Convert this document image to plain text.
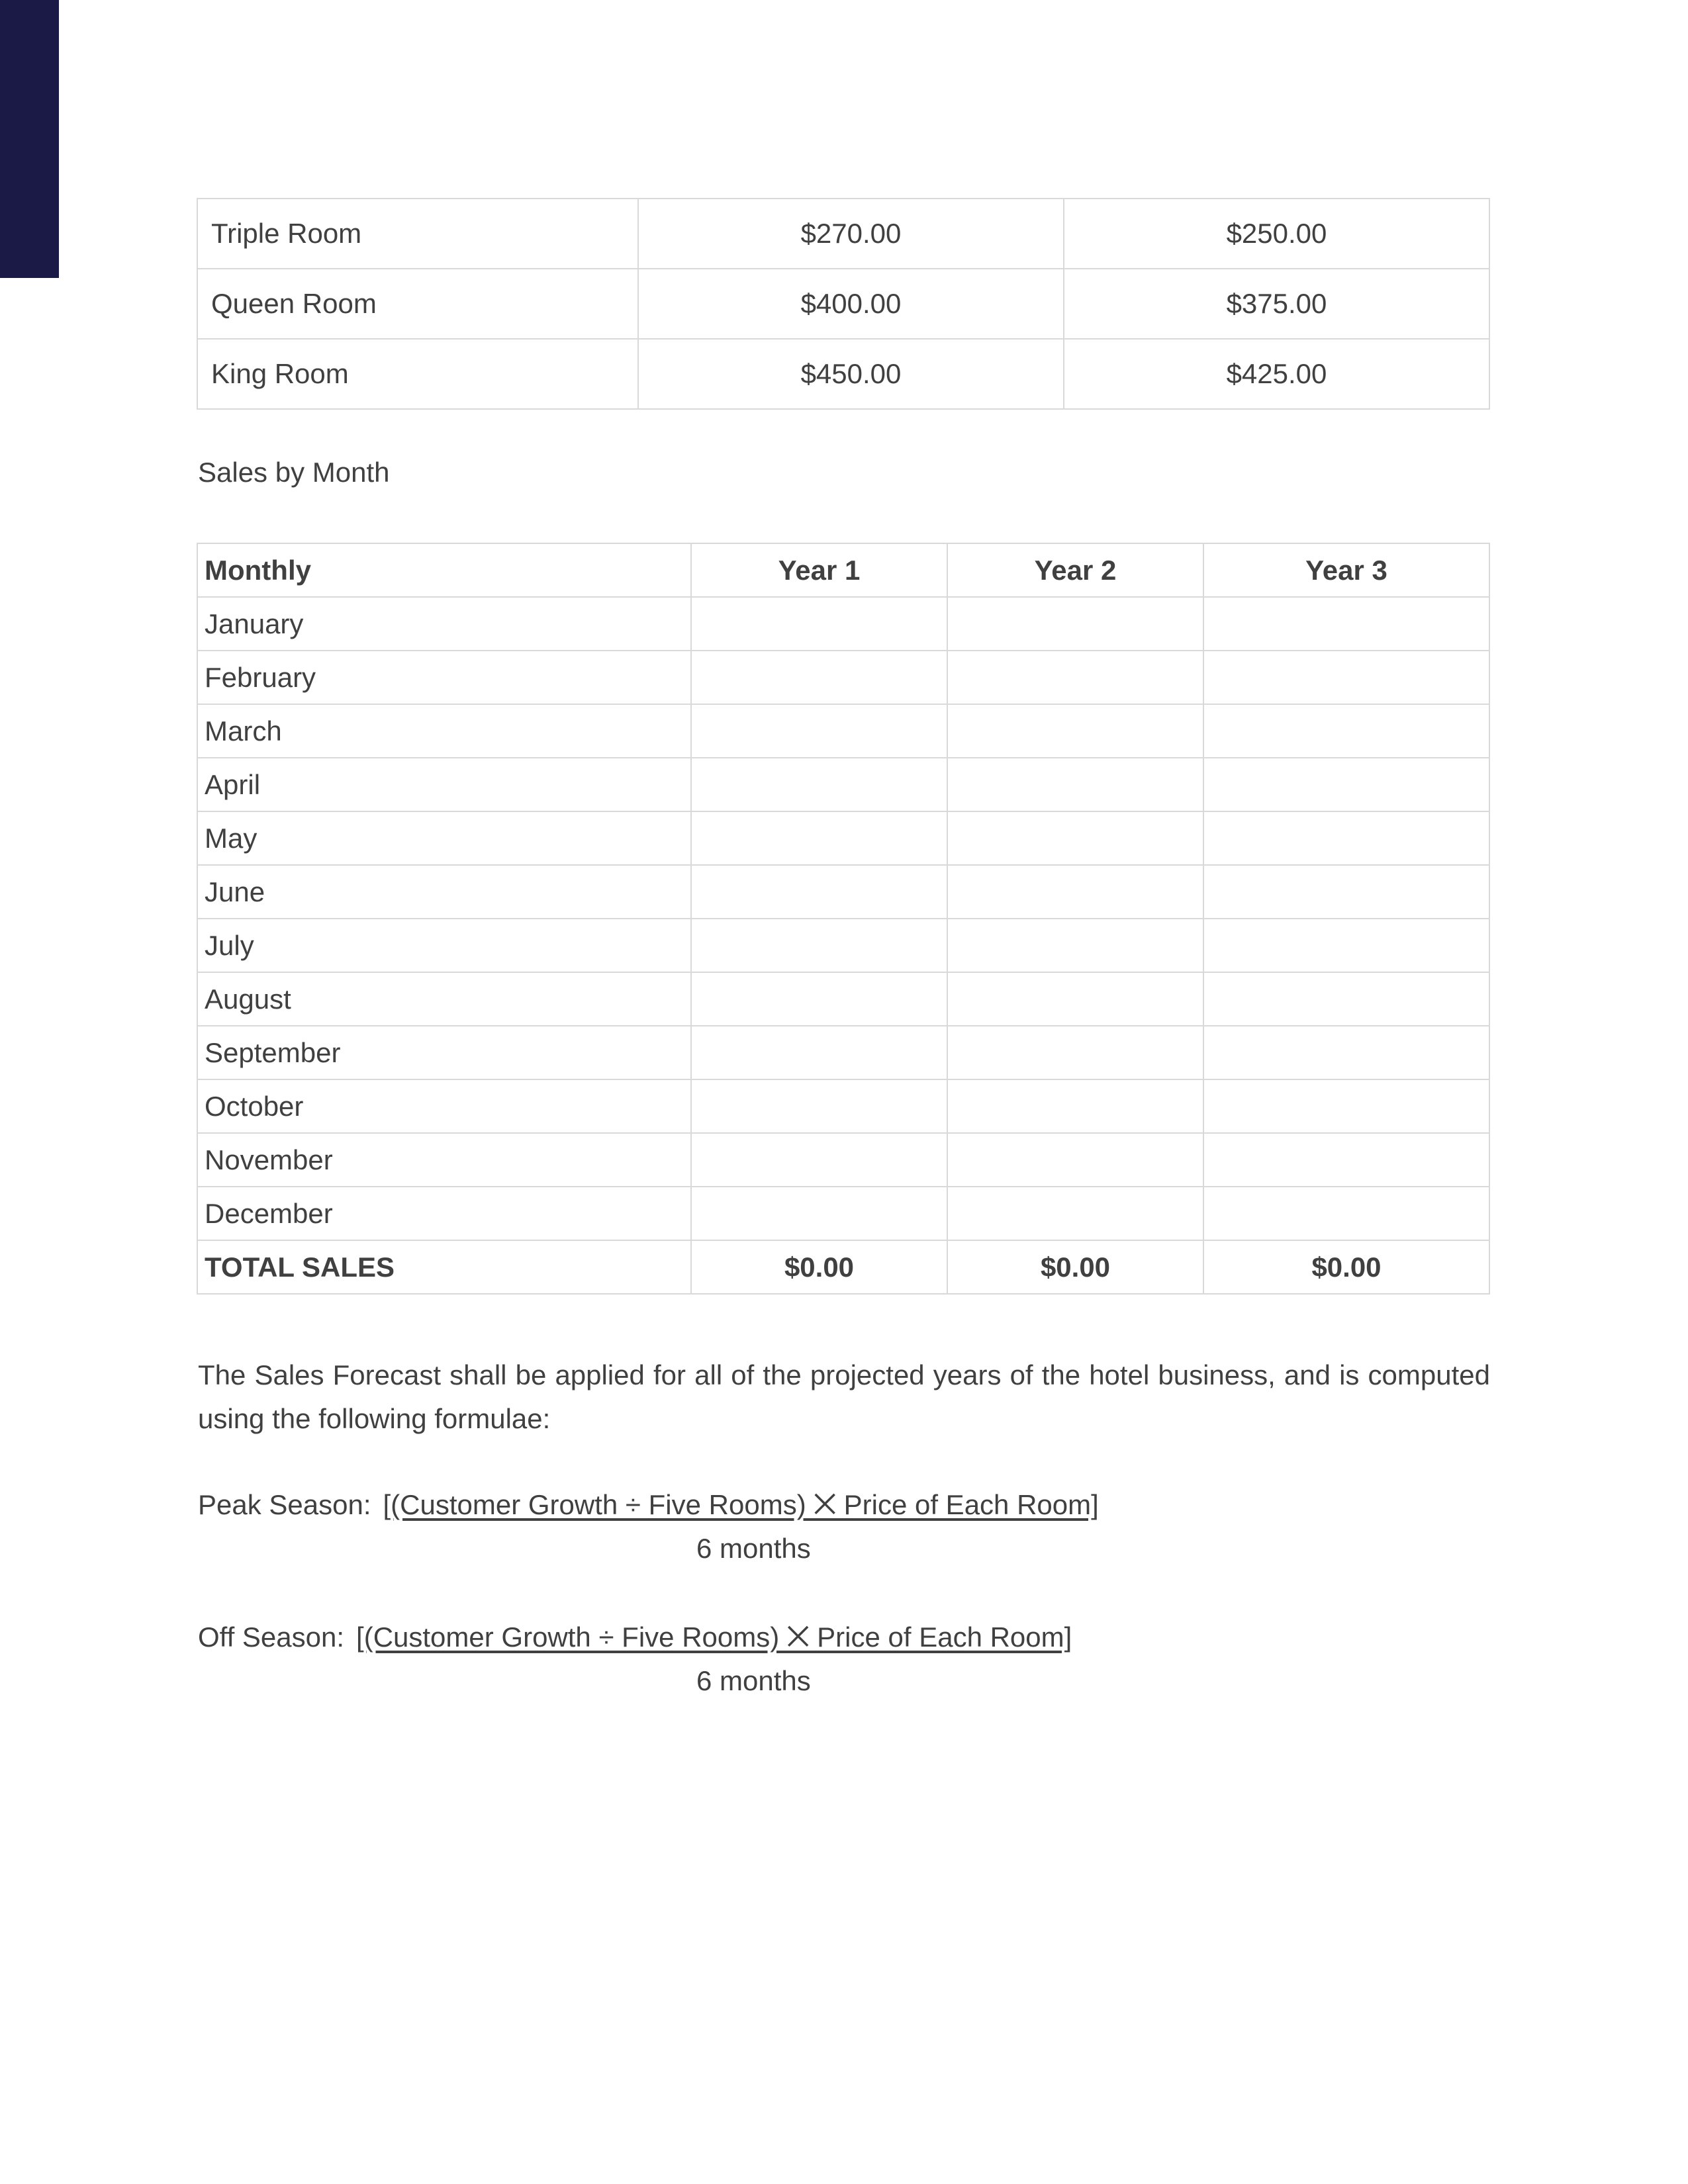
Triple Room	$270.00	$250.00
Queen Room	$400.00	$375.00
King Room	$450.00	$425.00

Sales by Month

Monthly	Year 1	Year 2	Year 3
January			
February			
March			
April			
May			
June			
July			
August			
September			
October			
November			
December			
TOTAL SALES	$0.00	$0.00	$0.00

The Sales Forecast shall be applied for all of the projected years of the hotel business, and is computed using the following formulae:

Peak Season: [(Customer Growth ÷ Five Rooms) ⨉ Price of Each Room]
6 months
Off Season: [(Customer Growth ÷ Five Rooms) ⨉ Price of Each Room]
6 months
